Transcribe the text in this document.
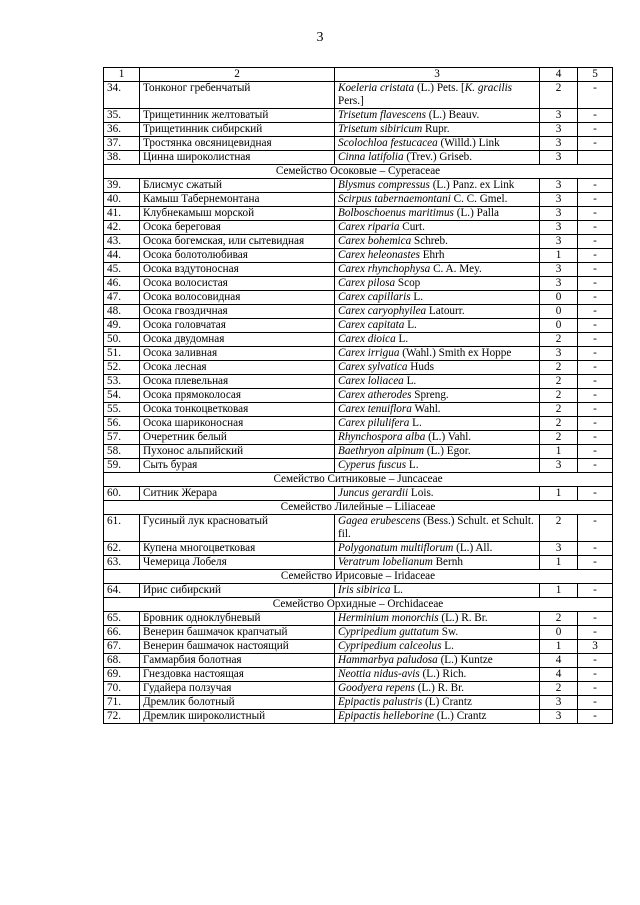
3
1	2	3	4	5
34.	Тонконог гребенчатый	Koeleria cristata (L.) Pets. [K. gracilis Pers.]	2	-
35.	Трищетинник желтоватый	Trisetum flavescens (L.) Beauv.	3	-
36.	Трищетинник сибирский	Trisetum sibiricum Rupr.	3	-
37.	Тростянка овсяницевидная	Scolochloa festucacea (Willd.) Link	3	-
38.	Цинна широколистная	Cinna latifolia (Trev.) Griseb.	3	
Семейство Осоковые – Cyperaceae				
39.	Блисмус сжатый	Blysmus compressus (L.) Panz. ex Link	3	-
40.	Камыш Табернемонтана	Scirpus tabernaemontani C. C. Gmel.	3	-
41.	Клубнекамыш морской	Bolboschoenus maritimus (L.) Palla	3	-
42.	Осока береговая	Carex riparia Curt.	3	-
43.	Осока богемская, или сытевидная	Carex bohemica Schreb.	3	-
44.	Осока болотолюбивая	Carex heleonastes Ehrh	1	-
45.	Осока вздутоносная	Carex rhynchophysa C. A. Mey.	3	-
46.	Осока волосистая	Carex pilosa Scop	3	-
47.	Осока волосовидная	Carex capillaris L.	0	-
48.	Осока гвоздичная	Carex caryophyilea Latourr.	0	-
49.	Осока головчатая	Carex capitata L.	0	-
50.	Осока двудомная	Carex dioica L.	2	-
51.	Осока заливная	Carex irrigua (Wahl.) Smith ex Hoppe	3	-
52.	Осока лесная	Carex sylvatica Huds	2	-
53.	Осока плевельная	Carex loliacea L.	2	-
54.	Осока прямоколосая	Carex atherodes Spreng.	2	-
55.	Осока тонкоцветковая	Carex tenuiflora Wahl.	2	-
56.	Осока шариконосная	Carex pilulifera L.	2	-
57.	Очеретник белый	Rhynchospora alba (L.) Vahl.	2	-
58.	Пухонос альпийский	Baethryon alpinum (L.) Egor.	1	-
59.	Сыть бурая	Cyperus fuscus L.	3	-
Семейство Ситниковые – Juncaceae				
60.	Ситник Жерара	Juncus gerardii Lois.	1	-
Семейство Лилейные – Liliaceae				
61.	Гусиный лук красноватый	Gagea erubescens (Bess.) Schult. et Schult. fil.	2	-
62.	Купена многоцветковая	Polygonatum multiflorum (L.) All.	3	-
63.	Чемерица Лобеля	Veratrum lobelianum Bernh	1	-
Семейство Ирисовые – Iridaceae				
64.	Ирис сибирский	Iris sibirica L.	1	-
Семейство Орхидные – Orchidaceae				
65.	Бровник одноклубневый	Herminium monorchis (L.) R. Br.	2	-
66.	Венерин башмачок крапчатый	Cypripedium guttatum Sw.	0	-
67.	Венерин башмачок настоящий	Cypripedium calceolus L.	1	3
68.	Гаммарбия болотная	Hammarbya paludosa (L.) Kuntze	4	-
69.	Гнездовка настоящая	Neottia nidus-avis (L.) Rich.	4	-
70.	Гудайера ползучая	Goodyera repens (L.) R. Br.	2	-
71.	Дремлик болотный	Epipactis palustris (L) Crantz	3	-
72.	Дремлик широколистный	Epipactis helleborine (L.) Crantz	3	-
